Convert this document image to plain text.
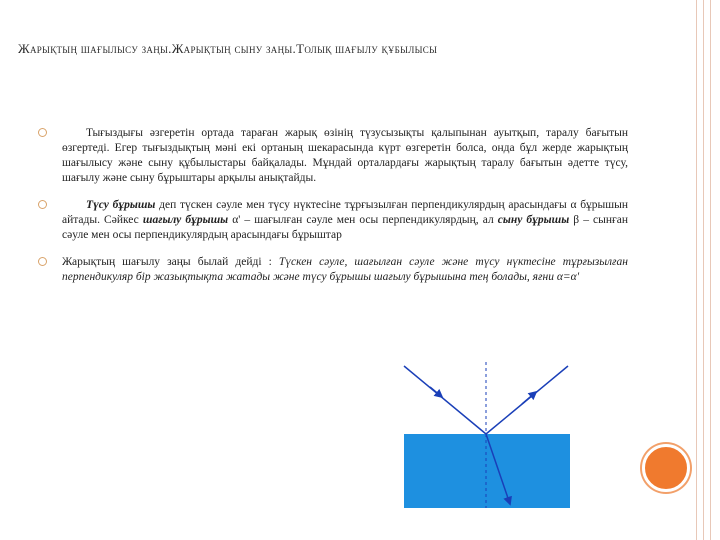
Жарықтың шағылысу заңы.Жарықтың сыну заңы.Толық шағылу құбылысы
Тығыздығы әзгеретін ортада тараған жарық өзінің түзусызықты қалыпынан ауытқып, таралу бағытын өзгертеді. Егер тығыздықтың мәні екі ортаның шекарасында күрт өзгеретін болса, онда бұл жерде жарықтың шағылысу және сыну құбылыстары байқалады. Мұндай орталардағы жарықтың таралу бағытын әдетте түсу, шағылу және сыну бұрыштары арқылы анықтайды.
Түсу бұрышы деп түскен сәуле мен түсу нүктесіне тұрғызылған перпендикулярдың арасындағы α бұрышын айтады. Сәйкес шағылу бұрышы α' – шағылған сәуле мен осы перпендикулярдың, ал сыну бұрышы β – сынған сәуле мен осы перпендикулярдың арасындағы бұрыштар
Жарықтың шағылу заңы былай дейді : Түскен сәуле, шағылған сәуле және түсу нүктесіне тұрғызылған перпендикуляр бір жазықтықта жатады және түсу бұрышы шағылу бұрышына тең болады, яғни α=α'
